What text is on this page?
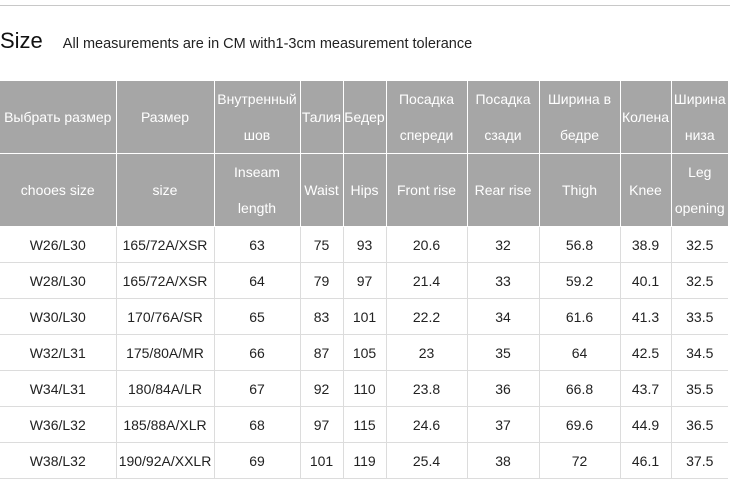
Size All measurements are in CM with1-3cm measurement tolerance
Выбрать размер	Размер	Внутренный шов	Талия	Бедер	Посадка спереди	Посадка сзади	Ширина в бедре	Колена	Ширина низа
chooes size	size	Inseam length	Waist	Hips	Front rise	Rear rise	Thigh	Knee	Leg opening
W26/L30	165/72A/XSR	63	75	93	20.6	32	56.8	38.9	32.5
W28/L30	165/72A/XSR	64	79	97	21.4	33	59.2	40.1	32.5
W30/L30	170/76A/SR	65	83	101	22.2	34	61.6	41.3	33.5
W32/L31	175/80A/MR	66	87	105	23	35	64	42.5	34.5
W34/L31	180/84A/LR	67	92	110	23.8	36	66.8	43.7	35.5
W36/L32	185/88A/XLR	68	97	115	24.6	37	69.6	44.9	36.5
W38/L32	190/92A/XXLR	69	101	119	25.4	38	72	46.1	37.5
